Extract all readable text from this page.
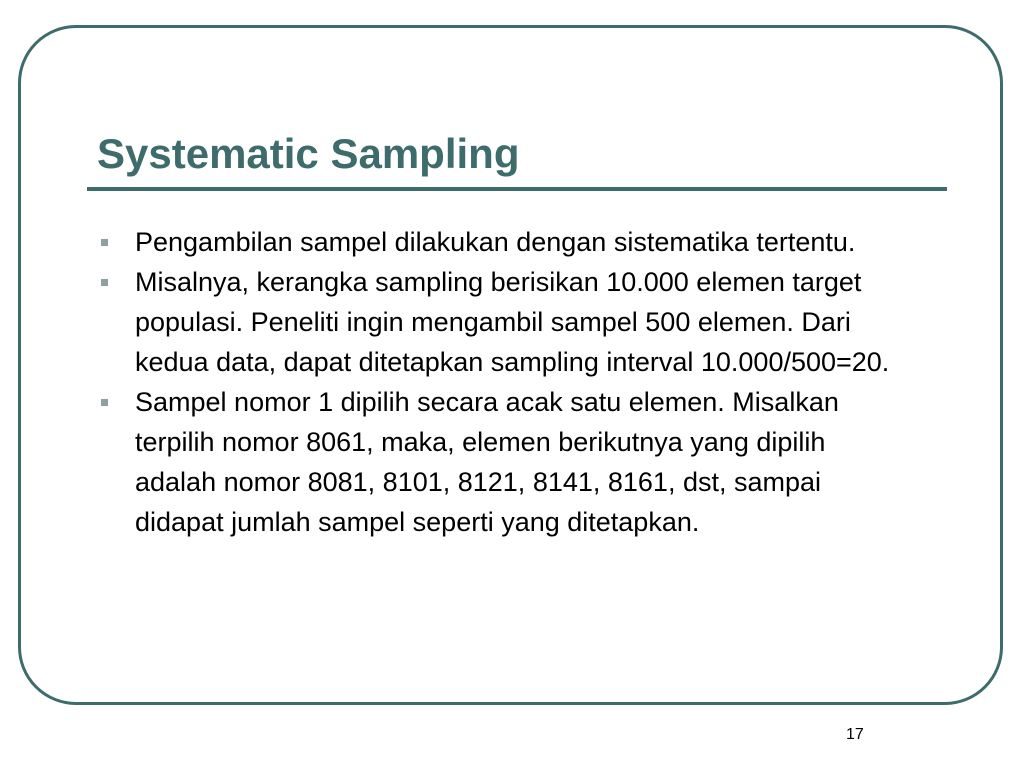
Systematic Sampling
Pengambilan sampel dilakukan dengan sistematika tertentu.
Misalnya, kerangka sampling berisikan 10.000 elemen target populasi. Peneliti ingin mengambil sampel 500 elemen. Dari kedua data, dapat ditetapkan sampling interval 10.000/500=20.
Sampel nomor 1 dipilih secara acak satu elemen. Misalkan terpilih nomor 8061, maka, elemen berikutnya yang dipilih adalah nomor 8081, 8101, 8121, 8141, 8161, dst, sampai didapat jumlah sampel seperti yang ditetapkan.
17
